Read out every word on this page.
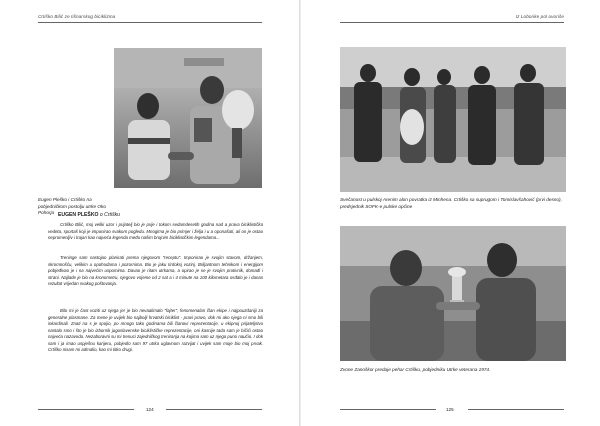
Crtiško Bilić ze tišnarskog biciklizma
Eugen Pleško i Crtiško na pobjedničkom postolju utrke Oko Pohorja EUGEN PLEŠKO o Crtišku

Crtiško Bilić, moj veliki uzor i prijatelj bio je prije i tokom sedamdesetih godina nad a prava biciklistička vedeta, sportaš koji je imponirao svakom pogledu. Mnogima je bio primjer i želja i u a oponašati, ali on je ostao nepromenljiv i trajan kao najveća legenda među našim brojnim biciklističkim legendama...

Treninge sam nastojao planirati prema njegovom "receptu". Imponirao je svojim stavom, držanjem, skromnošću, velikim u opohodama i pozornima. Bio je jaku tirdoksj vozinj. Briljantnom tehnikom i energijom pobjeđivao je i na najvećim uspomima. Davao je ritam utrkama, a opirao je se je svojim protivnik, domađi i strani. Najlade je bio na kronometru, njegovo vrijeme od 2 sat a i 4 minute na 100 kilometara osđalo je i danas rezultat vrijedan svakog poštovanja.

Bilo mi je čast voziti uz njega jer je bio nevaalimalo "fajter", fenomenalan član ekipe i najpouzdaniji za generalne plasmane. Za mene je uvijek bio najbolji hrvatski biciklist - pravi pravo, dok mi ako njega ni smo bili inkardinali. Znati na s je spojio, po mnogo tako godinama bili članovi reprezentacije, u ekipnoj prijateljstvo nastalo smo i što je bio izbornik jugoslavenske biciklističke reprezentacije, oni kasnije tada sam je bičići ostao najveća nazavoda. Nezaboravni su mi trenuci zajedničkog treniranja na kojima sam uz njega puno naučio. I dok sam i ja imao uspješnu karijeru, pobjedio sam 97 utrka uglavnom razvijat i uvijek sam moje bio moj prvak. Crtiško nisam mi admalio, kao mi titko drugi.

124
Iz Loborike pol ovoriše
Svečanost u pulskoj Arenim alon povratka iz Minhena. Crtiško sa suprugom i Tomislavšahović (prvi desno), predsjednik SOFK-e pulske općine
Zvone Zanoškor predaje pehar Crtišku, pobjedniku Utrke veterana 1974.
125
